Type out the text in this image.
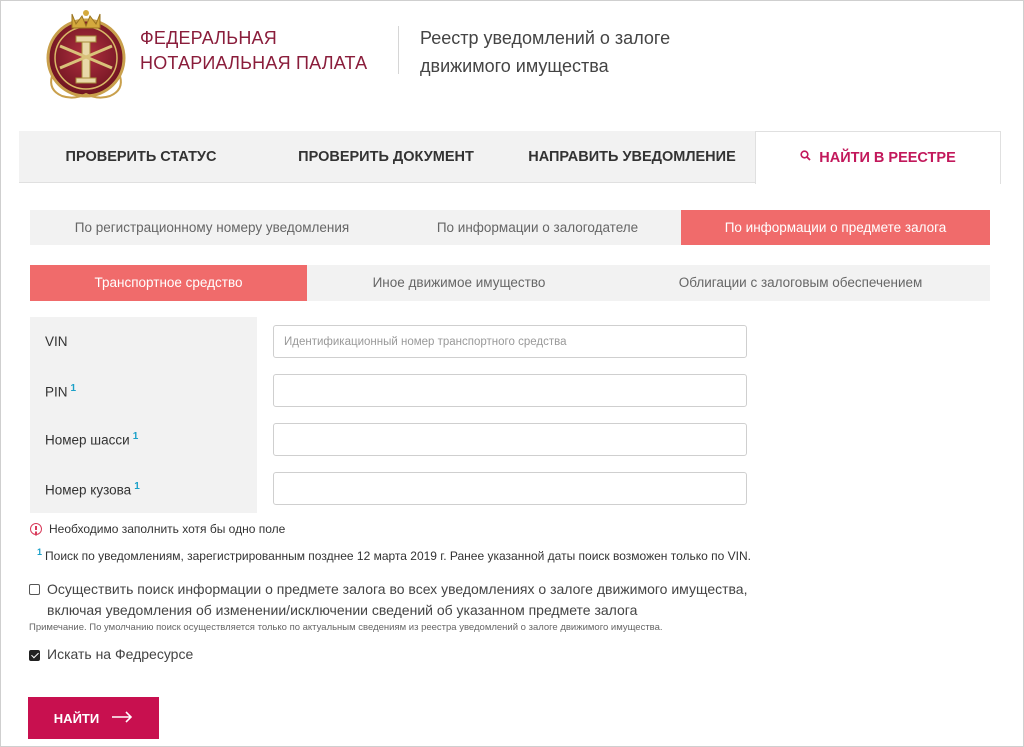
ФЕДЕРАЛЬНАЯ
НОТАРИАЛЬНАЯ ПАЛАТА
Реестр уведомлений о залоге
движимого имущества
ПРОВЕРИТЬ СТАТУС	ПРОВЕРИТЬ ДОКУМЕНТ	НАПРАВИТЬ УВЕДОМЛЕНИЕ	НАЙТИ В РЕЕСТРЕ
По регистрационному номеру уведомления	По информации о залогодателе	По информации о предмете залога
Транспортное средство	Иное движимое имущество	Облигации с залоговым обеспечением
VIN
Идентификационный номер транспортного средства
PIN $^1$
Номер шасси $^1$
Номер кузова $^1$
Необходимо заполнить хотя бы одно поле
$^1$ Поиск по уведомлениям, зарегистрированным позднее 12 марта 2019 г. Ранее указанной даты поиск возможен только по VIN.
Осуществить поиск информации о предмете залога во всех уведомлениях о залоге движимого имущества,
включая уведомления об изменении/исключении сведений об указанном предмете залога
Примечание. По умолчанию поиск осуществляется только по актуальным сведениям из реестра уведомлений о залоге движимого имущества.
Искать на Федресурсе
НАЙТИ
